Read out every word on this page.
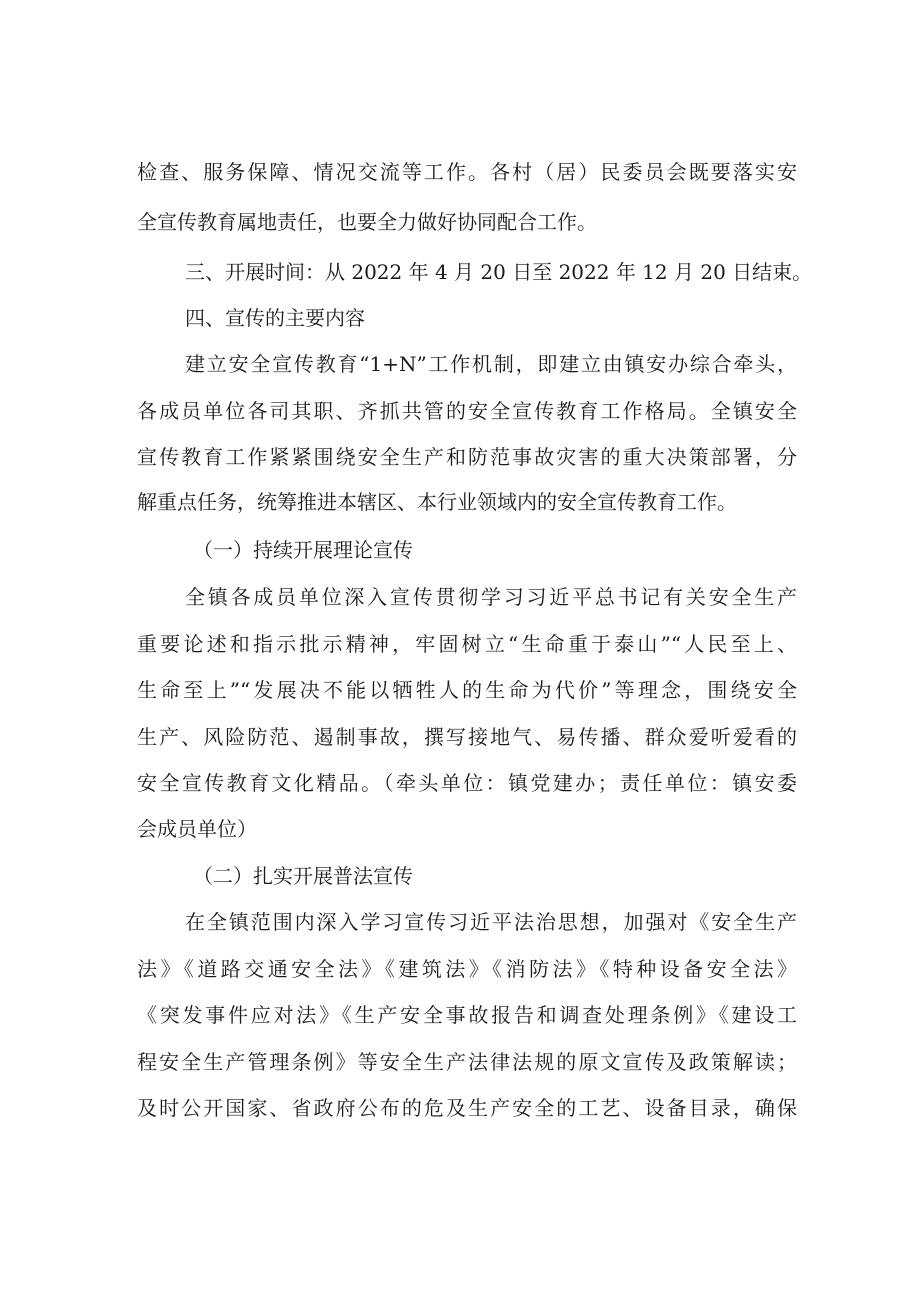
检查、服务保障、情况交流等工作。各村（居）民委员会既要落实安
全宣传教育属地责任，也要全力做好协同配合工作。
三、开展时间：从 2022 年 4 月 20 日至 2022 年 12 月 20 日结束。
四、宣传的主要内容
建立安全宣传教育“1+N”工作机制，即建立由镇安办综合牵头，
各成员单位各司其职、齐抓共管的安全宣传教育工作格局。全镇安全
宣传教育工作紧紧围绕安全生产和防范事故灾害的重大决策部署，分
解重点任务，统筹推进本辖区、本行业领域内的安全宣传教育工作。
（一）持续开展理论宣传
全镇各成员单位深入宣传贯彻学习习近平总书记有关安全生产
重要论述和指示批示精神，牢固树立“生命重于泰山”“人民至上、
生命至上”“发展决不能以牺牲人的生命为代价”等理念，围绕安全
生产、风险防范、遏制事故，撰写接地气、易传播、群众爱听爱看的
安全宣传教育文化精品。（牵头单位：镇党建办；责任单位：镇安委
会成员单位）
（二）扎实开展普法宣传
在全镇范围内深入学习宣传习近平法治思想，加强对《安全生产
法》《道路交通安全法》《建筑法》《消防法》《特种设备安全法》
《突发事件应对法》《生产安全事故报告和调查处理条例》《建设工
程安全生产管理条例》等安全生产法律法规的原文宣传及政策解读；
及时公开国家、省政府公布的危及生产安全的工艺、设备目录，确保
